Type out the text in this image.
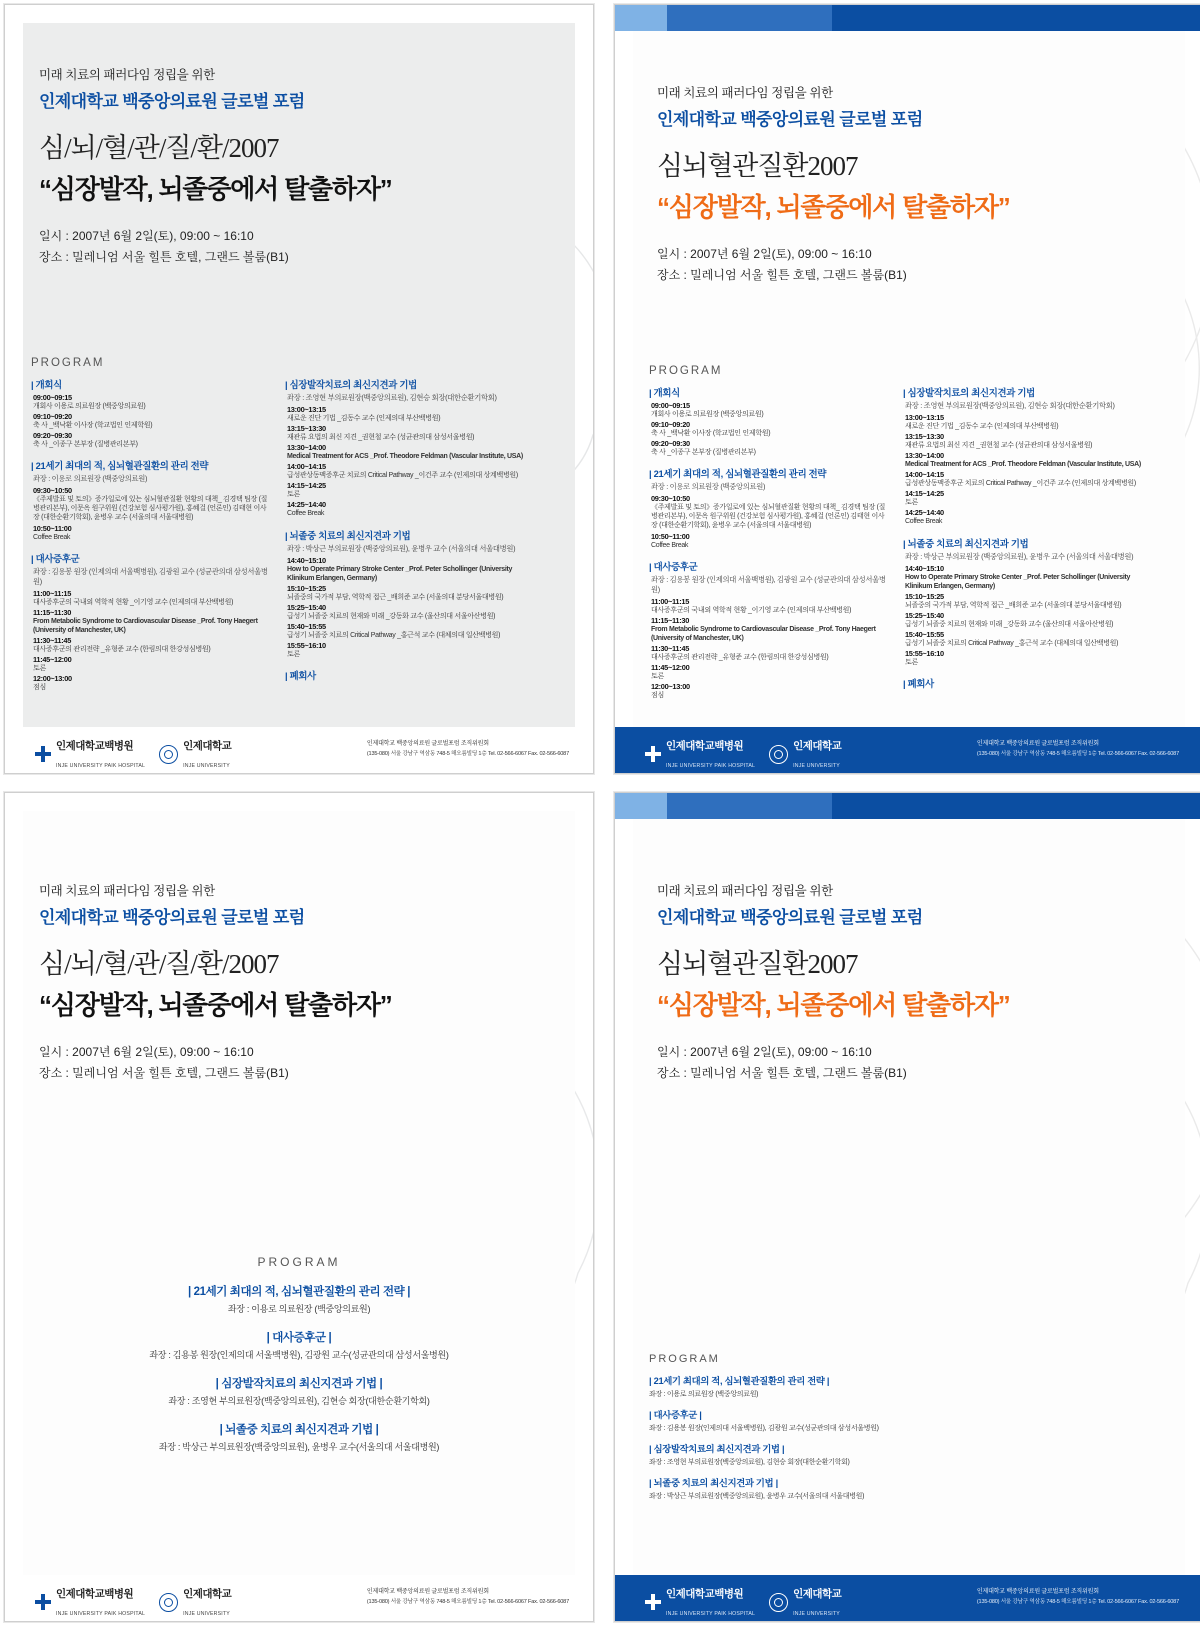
미래 치료의 패러다임 정립을 위한
인제대학교 백중앙의료원 글로벌 포럼
심/뇌/혈/관/질/환/2007
“심장발작, 뇌졸중에서 탈출하자”
일시 : 2007년 6월 2일(토), 09:00 ~ 16:10
장소 : 밀레니엄 서울 힐튼 호텔, 그랜드 볼룸(B1)
PROGRAM
| 개회식
09:00~09:15
개회사 이용로 의료원장 (백중앙의료원)
09:10~09:20
축 사 _백낙환 이사장 (학교법인 인제학원)
09:20~09:30
축 사 _이종구 본부장 (질병관리본부)
| 21세기 최대의 적, 심뇌혈관질환의 관리 전략
좌장 : 이용로 의료원장 (백중앙의료원)
09:30~10:50
《주제발표 및 토의》증가일로에 있는 심뇌혈관질환 현황의 대책_ 김경택 팀장 (질병관리본부), 이문옥 원구위원 (건강보험 심사평가원), 홍혜걸 (언론인) 김태현 이사장 (대한순환기학회), 윤병우 교수 (서울의대 서울대병원)
10:50~11:00
Coffee Break
| 대사증후군
좌장 : 김용봉 원장 (인제의대 서울백병원), 김광원 교수 (성균관의대 삼성서울병원)
11:00~11:15
대사증후군의 국내외 역학적 현황 _이기영 교수 (인제의대 부산백병원)
11:15~11:30
From Metabolic Syndrome to Cardiovascular Disease _Prof. Tony Haegert (University of Manchester, UK)
11:30~11:45
대사증후군의 관리전략 _유형준 교수 (한림의대 한강성심병원)
11:45~12:00
토론
12:00~13:00
점심
| 심장발작치료의 최신지견과 기법
좌장 : 조영현 부의료원장(백중앙의료원), 김현승 회장(대한순환기학회)
13:00~13:15
새로운 진단 기법 _김동수 교수 (인제의대 부산백병원)
13:15~13:30
재관류 요법의 최신 지견 _권현철 교수 (성균관의대 삼성서울병원)
13:30~14:00
Medical Treatment for ACS _Prof. Theodore Feldman (Vascular Institute, USA)
14:00~14:15
급성관상동맥증후군 치료의 Critical Pathway _이건주 교수 (인제의대 상계백병원)
14:15~14:25
토론
14:25~14:40
Coffee Break
| 뇌졸중 치료의 최신지견과 기법
좌장 : 박상근 부의료원장 (백중앙의료원), 윤병우 교수 (서울의대 서울대병원)
14:40~15:10
How to Operate Primary Stroke Center _Prof. Peter Schollinger (University Klinikum Erlangen, Germany)
15:10~15:25
뇌졸중의 국가적 부담, 역학적 접근 _배희준 교수 (서울의대 분당서울대병원)
15:25~15:40
급성기 뇌졸중 치료의 현재와 미래 _강동화 교수 (울산의대 서울아산병원)
15:40~15:55
급성기 뇌졸중 치료의 Critical Pathway _홍근석 교수 (대체의대 일산백병원)
15:55~16:10
토론
| 폐회사
인제대학교백병원
INJE UNIVERSITY PAIK HOSPITAL
인제대학교
INJE UNIVERSITY
인제대학교 백중앙의료원 글로벌포럼 조직위원회
(135-080) 서울 강남구 역삼동 748-5 해오름빌딩 1층 Tel. 02-566-6067 Fax. 02-566-6087
미래 치료의 패러다임 정립을 위한
인제대학교 백중앙의료원 글로벌 포럼
심뇌혈관질환2007
“심장발작, 뇌졸중에서 탈출하자”
일시 : 2007년 6월 2일(토), 09:00 ~ 16:10
장소 : 밀레니엄 서울 힐튼 호텔, 그랜드 볼룸(B1)
PROGRAM
| 개회식
09:00~09:15
개회사 이용로 의료원장 (백중앙의료원)
09:10~09:20
축 사 _백낙환 이사장 (학교법인 인제학원)
09:20~09:30
축 사 _이종구 본부장 (질병관리본부)
| 21세기 최대의 적, 심뇌혈관질환의 관리 전략
좌장 : 이용로 의료원장 (백중앙의료원)
09:30~10:50
《주제발표 및 토의》증가일로에 있는 심뇌혈관질환 현황의 대책_ 김경택 팀장 (질병관리본부), 이문옥 원구위원 (건강보험 심사평가원), 홍혜걸 (언론인) 김태현 이사장 (대한순환기학회), 윤병우 교수 (서울의대 서울대병원)
10:50~11:00
Coffee Break
| 대사증후군
좌장 : 김용봉 원장 (인제의대 서울백병원), 김광원 교수 (성균관의대 삼성서울병원)
11:00~11:15
대사증후군의 국내외 역학적 현황 _이기영 교수 (인제의대 부산백병원)
11:15~11:30
From Metabolic Syndrome to Cardiovascular Disease _Prof. Tony Haegert (University of Manchester, UK)
11:30~11:45
대사증후군의 관리전략 _유형준 교수 (한림의대 한강성심병원)
11:45~12:00
토론
12:00~13:00
점심
| 심장발작치료의 최신지견과 기법
좌장 : 조영현 부의료원장(백중앙의료원), 김현승 회장(대한순환기학회)
13:00~13:15
새로운 진단 기법 _김동수 교수 (인제의대 부산백병원)
13:15~13:30
재관류 요법의 최신 지견 _권현철 교수 (성균관의대 삼성서울병원)
13:30~14:00
Medical Treatment for ACS _Prof. Theodore Feldman (Vascular Institute, USA)
14:00~14:15
급성관상동맥증후군 치료의 Critical Pathway _이건주 교수 (인제의대 상계백병원)
14:15~14:25
토론
14:25~14:40
Coffee Break
| 뇌졸중 치료의 최신지견과 기법
좌장 : 박상근 부의료원장 (백중앙의료원), 윤병우 교수 (서울의대 서울대병원)
14:40~15:10
How to Operate Primary Stroke Center _Prof. Peter Schollinger (University Klinikum Erlangen, Germany)
15:10~15:25
뇌졸중의 국가적 부담, 역학적 접근 _배희준 교수 (서울의대 분당서울대병원)
15:25~15:40
급성기 뇌졸중 치료의 현재와 미래 _강동화 교수 (울산의대 서울아산병원)
15:40~15:55
급성기 뇌졸중 치료의 Critical Pathway _홍근석 교수 (대체의대 일산백병원)
15:55~16:10
토론
| 폐회사
인제대학교백병원
INJE UNIVERSITY PAIK HOSPITAL
인제대학교
INJE UNIVERSITY
인제대학교 백중앙의료원 글로벌포럼 조직위원회
(135-080) 서울 강남구 역삼동 748-5 해오름빌딩 1층 Tel. 02-566-6067 Fax. 02-566-6087
미래 치료의 패러다임 정립을 위한
인제대학교 백중앙의료원 글로벌 포럼
심/뇌/혈/관/질/환/2007
“심장발작, 뇌졸중에서 탈출하자”
일시 : 2007년 6월 2일(토), 09:00 ~ 16:10
장소 : 밀레니엄 서울 힐튼 호텔, 그랜드 볼룸(B1)
PROGRAM
| 21세기 최대의 적, 심뇌혈관질환의 관리 전략 |
좌장 : 이용로 의료원장 (백중앙의료원)
| 대사증후군 |
좌장 : 김용봉 원장(인제의대 서울백병원), 김광원 교수(성균관의대 삼성서울병원)
| 심장발작치료의 최신지견과 기법 |
좌장 : 조영현 부의료원장(백중앙의료원), 김현승 회장(대한순환기학회)
| 뇌졸중 치료의 최신지견과 기법 |
좌장 : 박상근 부의료원장(백중앙의료원), 윤병우 교수(서울의대 서울대병원)
인제대학교백병원
INJE UNIVERSITY PAIK HOSPITAL
인제대학교
INJE UNIVERSITY
인제대학교 백중앙의료원 글로벌포럼 조직위원회
(135-080) 서울 강남구 역삼동 748-5 해오름빌딩 1층 Tel. 02-566-6067 Fax. 02-566-6087
미래 치료의 패러다임 정립을 위한
인제대학교 백중앙의료원 글로벌 포럼
심뇌혈관질환2007
“심장발작, 뇌졸중에서 탈출하자”
일시 : 2007년 6월 2일(토), 09:00 ~ 16:10
장소 : 밀레니엄 서울 힐튼 호텔, 그랜드 볼룸(B1)
PROGRAM
| 21세기 최대의 적, 심뇌혈관질환의 관리 전략 |
좌장 : 이용로 의료원장 (백중앙의료원)
| 대사증후군 |
좌장 : 김용봉 원장(인제의대 서울백병원), 김광원 교수(성균관의대 삼성서울병원)
| 심장발작치료의 최신지견과 기법 |
좌장 : 조영현 부의료원장(백중앙의료원), 김현승 회장(대한순환기학회)
| 뇌졸중 치료의 최신지견과 기법 |
좌장 : 박상근 부의료원장(백중앙의료원), 윤병우 교수(서울의대 서울대병원)
인제대학교백병원
INJE UNIVERSITY PAIK HOSPITAL
인제대학교
INJE UNIVERSITY
인제대학교 백중앙의료원 글로벌포럼 조직위원회
(135-080) 서울 강남구 역삼동 748-5 해오름빌딩 1층 Tel. 02-566-6067 Fax. 02-566-6087
